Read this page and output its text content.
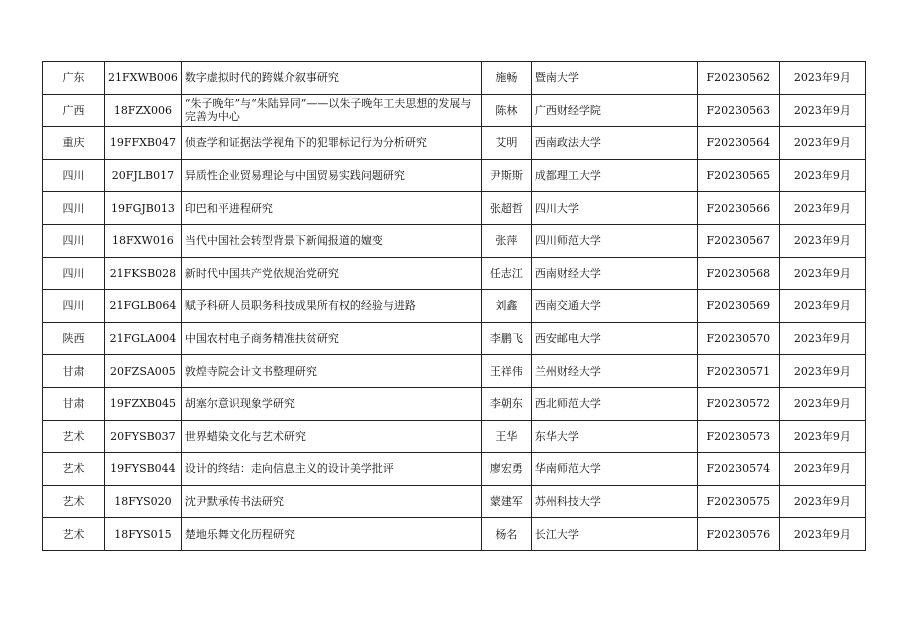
广东	21FXWB006	数字虚拟时代的跨媒介叙事研究	施畅	暨南大学	F20230562	2023年9月
广西	18FZX006	“朱子晚年”与“朱陆异同”——以朱子晚年工夫思想的发展与完善为中心	陈林	广西财经学院	F20230563	2023年9月
重庆	19FFXB047	侦查学和证据法学视角下的犯罪标记行为分析研究	艾明	西南政法大学	F20230564	2023年9月
四川	20FJLB017	异质性企业贸易理论与中国贸易实践问题研究	尹斯斯	成都理工大学	F20230565	2023年9月
四川	19FGJB013	印巴和平进程研究	张超哲	四川大学	F20230566	2023年9月
四川	18FXW016	当代中国社会转型背景下新闻报道的嬗变	张萍	四川师范大学	F20230567	2023年9月
四川	21FKSB028	新时代中国共产党依规治党研究	任志江	西南财经大学	F20230568	2023年9月
四川	21FGLB064	赋予科研人员职务科技成果所有权的经验与进路	刘鑫	西南交通大学	F20230569	2023年9月
陕西	21FGLA004	中国农村电子商务精准扶贫研究	李鹏飞	西安邮电大学	F20230570	2023年9月
甘肃	20FZSA005	敦煌寺院会计文书整理研究	王祥伟	兰州财经大学	F20230571	2023年9月
甘肃	19FZXB045	胡塞尔意识现象学研究	李朝东	西北师范大学	F20230572	2023年9月
艺术	20FYSB037	世界蜡染文化与艺术研究	王华	东华大学	F20230573	2023年9月
艺术	19FYSB044	设计的终结：走向信息主义的设计美学批评	廖宏勇	华南师范大学	F20230574	2023年9月
艺术	18FYS020	沈尹默承传书法研究	蒙建军	苏州科技大学	F20230575	2023年9月
艺术	18FYS015	楚地乐舞文化历程研究	杨名	长江大学	F20230576	2023年9月
